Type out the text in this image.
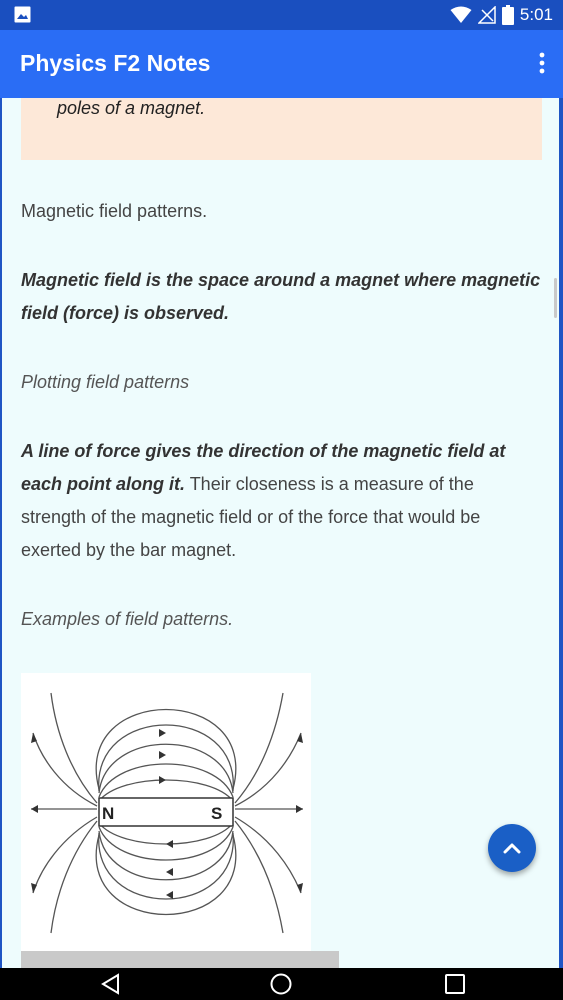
5:01
Physics F2 Notes
poles of a magnet.
Magnetic field patterns.
Magnetic field is the space around a magnet where magnetic field (force) is observed.
Plotting field patterns
A line of force gives the direction of the magnetic field at each point along it. Their closeness is a measure of the strength of the magnetic field or of the force that would be exerted by the bar magnet.
Examples of field patterns.
N	S
